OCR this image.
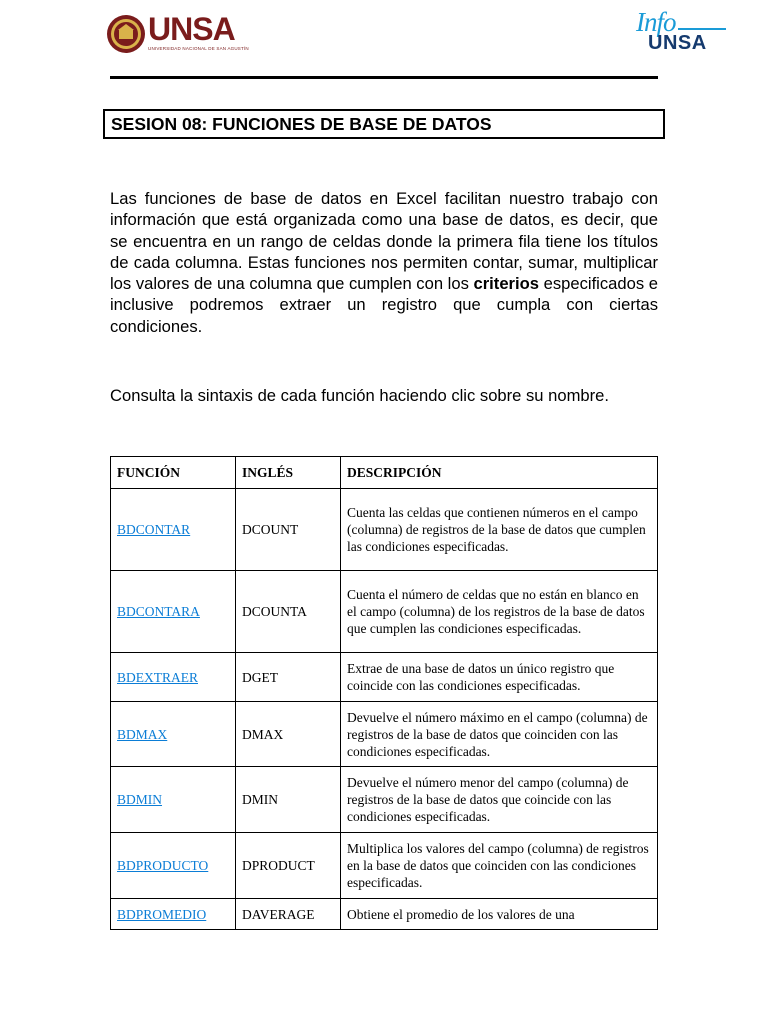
UNSA
UNIVERSIDAD NACIONAL DE SAN AGUSTÍN
Info
UNSA
SESION 08: FUNCIONES DE BASE DE DATOS

Las funciones de base de datos en Excel facilitan nuestro trabajo con información que está organizada como una base de datos, es decir, que se encuentra en un rango de celdas donde la primera fila tiene los títulos de cada columna. Estas funciones nos permiten contar, sumar, multiplicar los valores de una columna que cumplen con los criterios especificados e inclusive podremos extraer un registro que cumpla con ciertas condiciones.

Consulta la sintaxis de cada función haciendo clic sobre su nombre.

FUNCIÓN	INGLÉS	DESCRIPCIÓN
BDCONTAR	DCOUNT	Cuenta las celdas que contienen números en el campo (columna) de registros de la base de datos que cumplen las condiciones especificadas.
BDCONTARA	DCOUNTA	Cuenta el número de celdas que no están en blanco en el campo (columna) de los registros de la base de datos que cumplen las condiciones especificadas.
BDEXTRAER	DGET	Extrae de una base de datos un único registro que coincide con las condiciones especificadas.
BDMAX	DMAX	Devuelve el número máximo en el campo (columna) de registros de la base de datos que coinciden con las condiciones especificadas.
BDMIN	DMIN	Devuelve el número menor del campo (columna) de registros de la base de datos que coincide con las condiciones especificadas.
BDPRODUCTO	DPRODUCT	Multiplica los valores del campo (columna) de registros en la base de datos que coinciden con las condiciones especificadas.
BDPROMEDIO	DAVERAGE	Obtiene el promedio de los valores de una
